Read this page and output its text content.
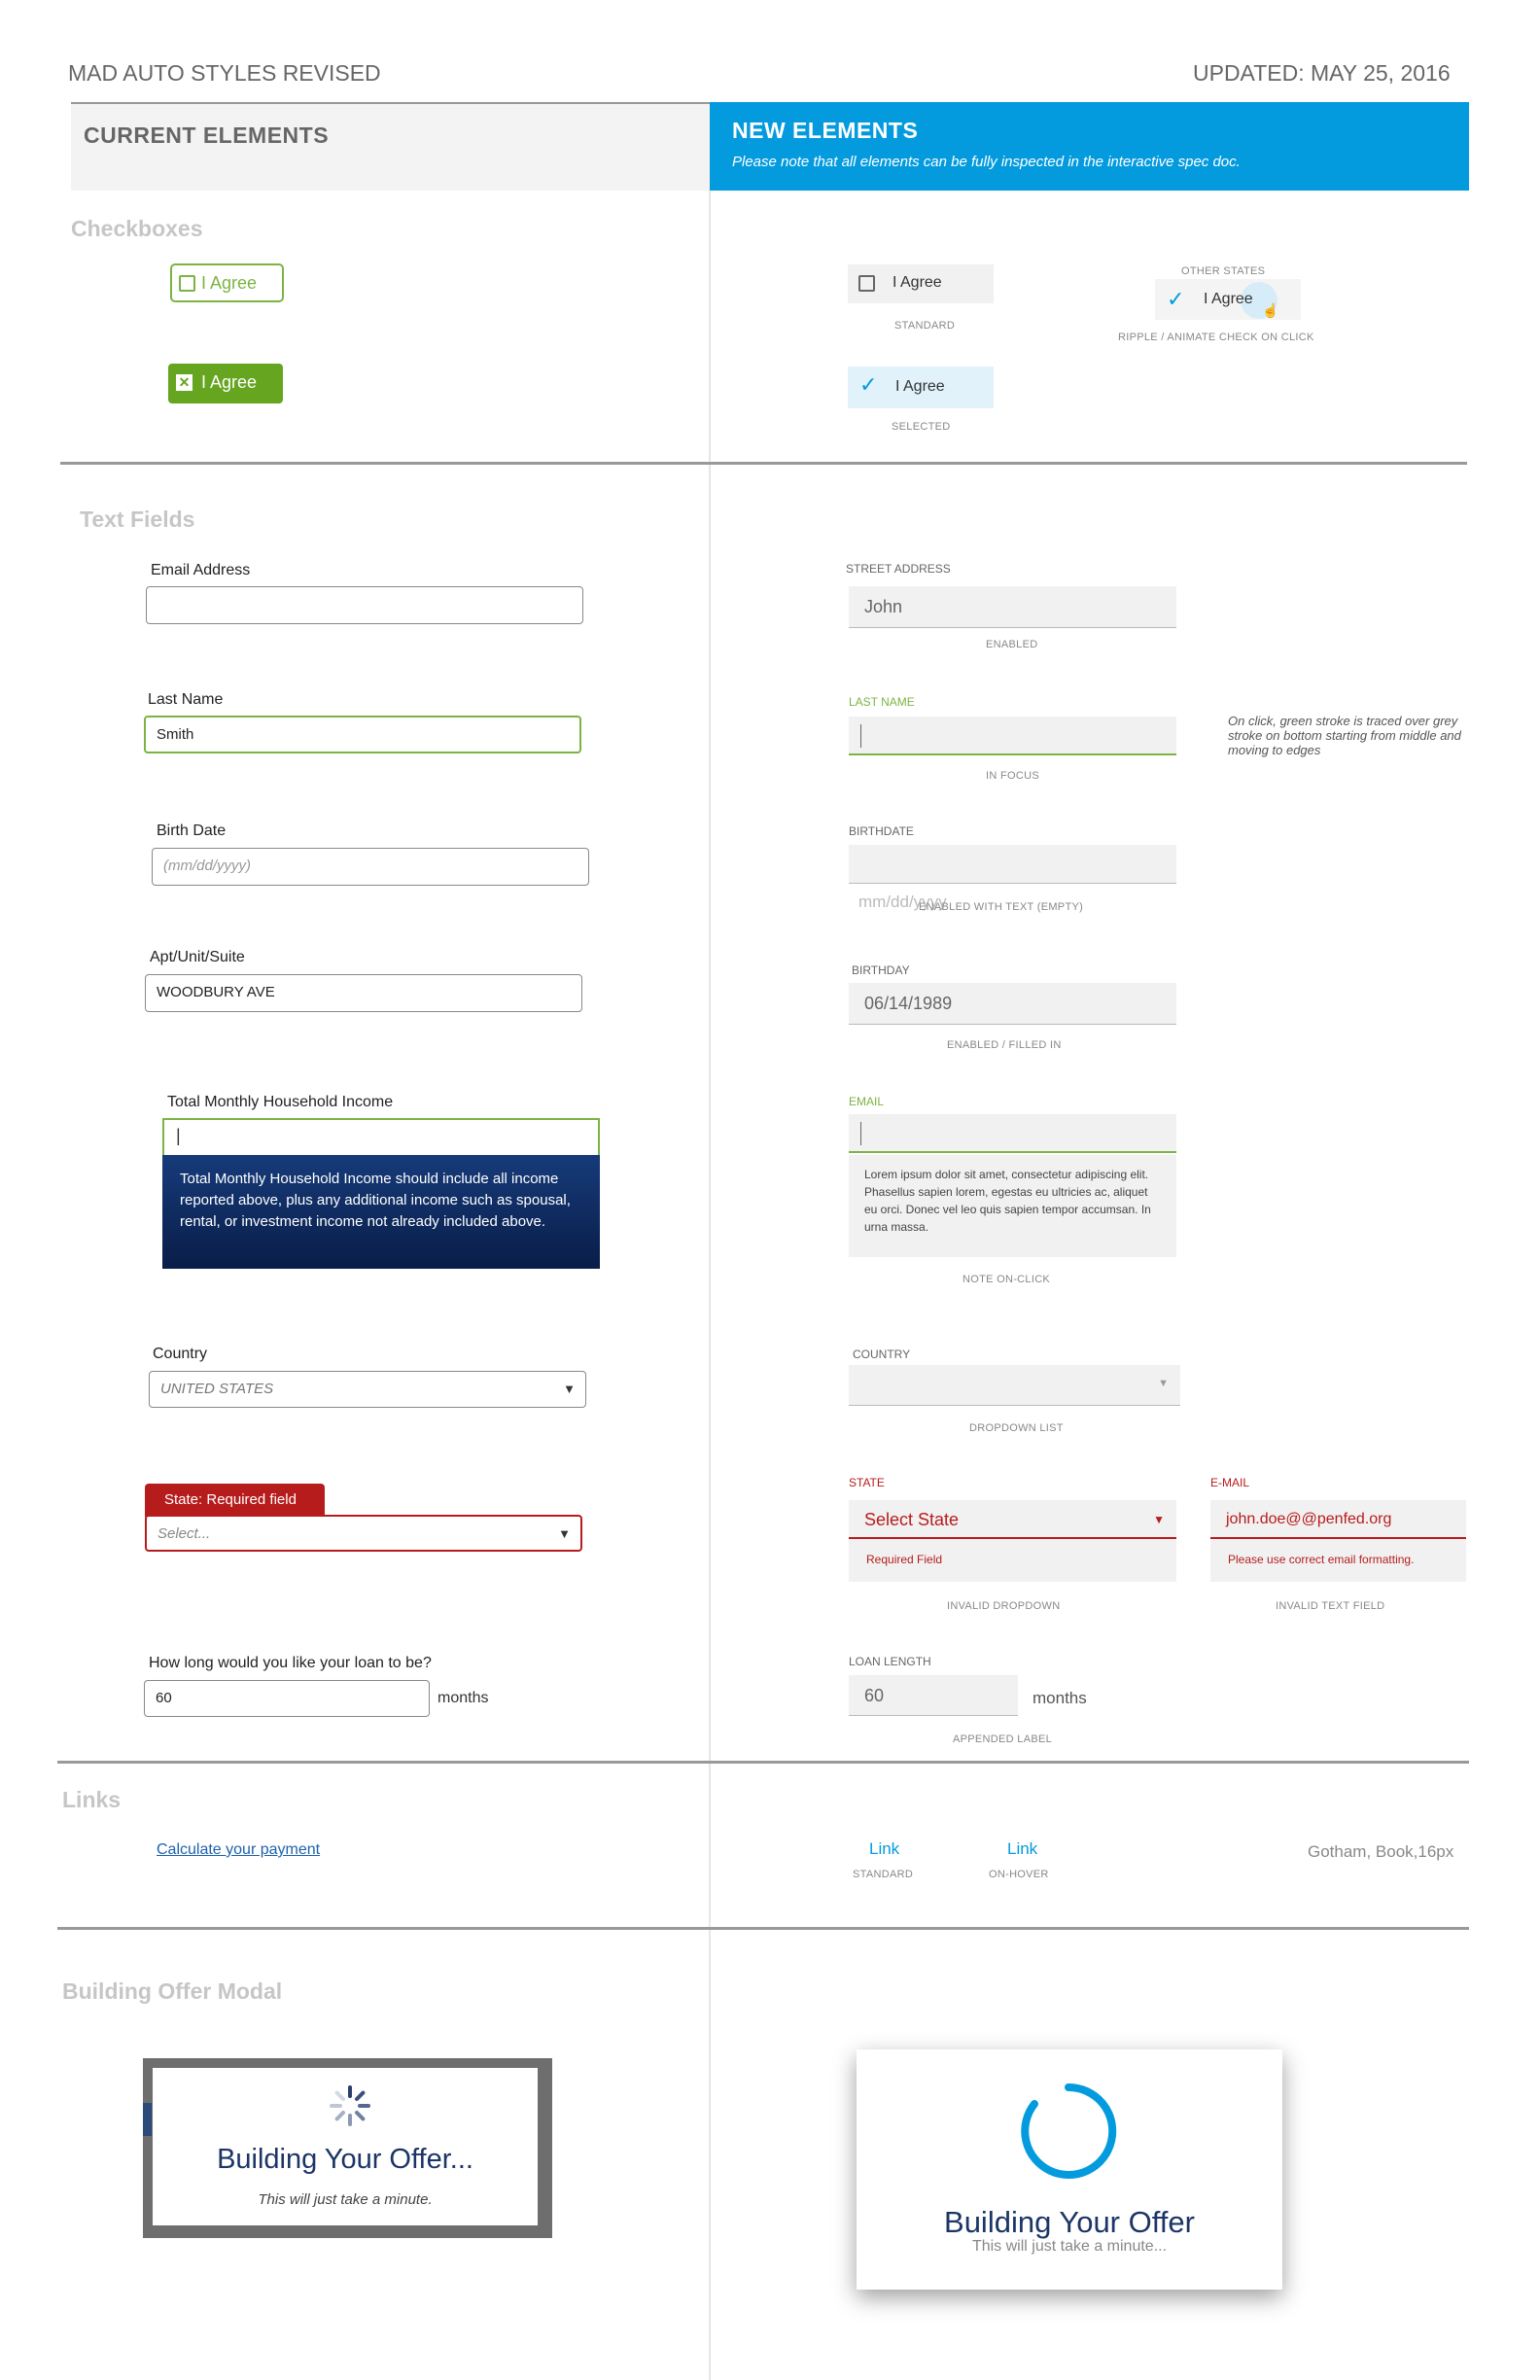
MAD AUTO STYLES REVISED	UPDATED: MAY 25, 2016
CURRENT ELEMENTS	NEW ELEMENTS
Please note that all elements can be fully inspected in the interactive spec doc.
Checkboxes
I Agree
✕ I Agree
I Agree
STANDARD
✓ I Agree
SELECTED
OTHER STATES
✓ I Agree
☝
RIPPLE / ANIMATE CHECK ON CLICK
Text Fields
Email Address
Last Name
Smith
Birth Date
(mm/dd/yyyy)
Apt/Unit/Suite
WOODBURY AVE
Total Monthly Household Income
|
Total Monthly Household Income should include all income reported above, plus any additional income such as spousal, rental, or investment income not already included above.
Country
UNITED STATES	▼
State: Required field
Select...	▼
How long would you like your loan to be?
60	months
STREET ADDRESS
John
ENABLED
LAST NAME
IN FOCUS
On click, green stroke is traced over grey stroke on bottom starting from middle and moving to edges
BIRTHDATE
mm/dd/yyyy
ENABLED WITH TEXT (EMPTY)
BIRTHDAY
06/14/1989
ENABLED / FILLED IN
EMAIL
Lorem ipsum dolor sit amet, consectetur adipiscing elit. Phasellus sapien lorem, egestas eu ultricies ac, aliquet eu orci. Donec vel leo quis sapien tempor accumsan. In urna massa.
NOTE ON-CLICK
COUNTRY
▼
DROPDOWN LIST
STATE
Select State	▼
Required Field
INVALID DROPDOWN
E-MAIL
john.doe@@penfed.org
Please use correct email formatting.
INVALID TEXT FIELD
LOAN LENGTH
60	months
APPENDED LABEL
Links
Calculate your payment	Link
STANDARD
Link
ON-HOVER
Gotham, Book,16px
Building Offer Modal
Building Your Offer...
This will just take a minute.
Building Your Offer
This will just take a minute...
